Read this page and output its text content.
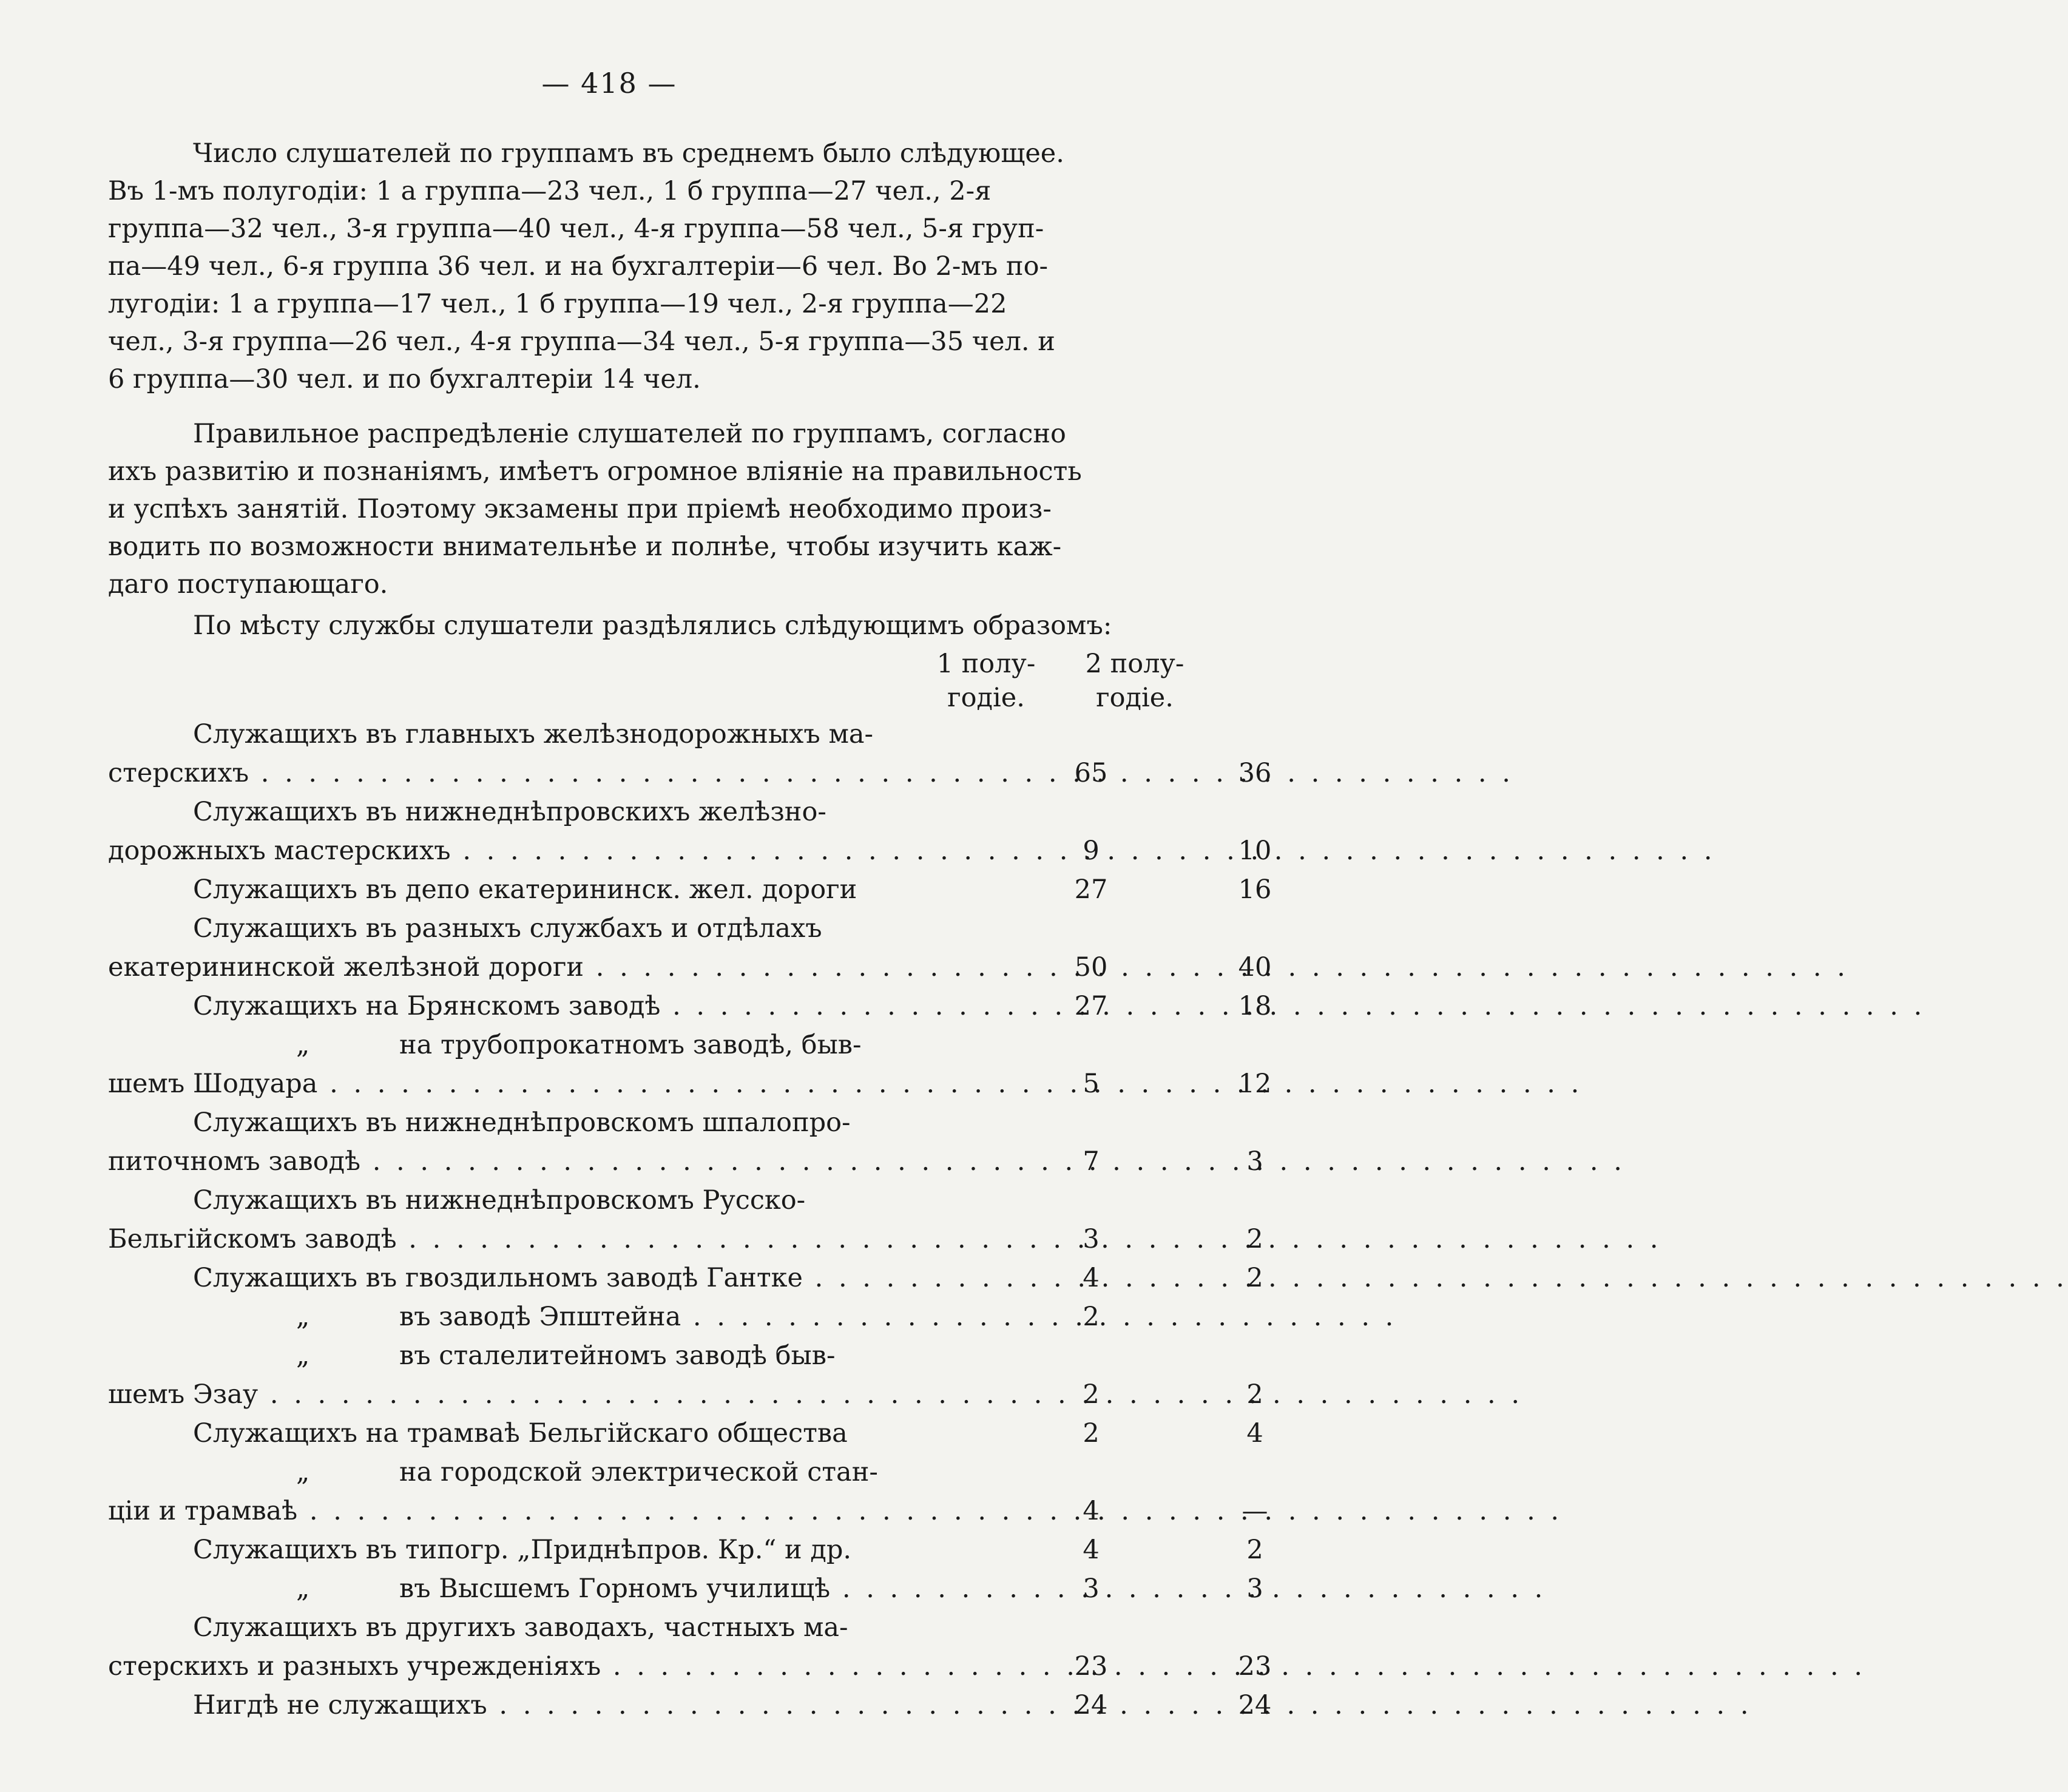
— 418 —
Число слушателей по группамъ въ среднемъ было слѣдующее.
Въ 1-мъ полугодіи: 1 а группа—23 чел., 1 б группа—27 чел., 2-я
группа—32 чел., 3-я группа—40 чел., 4-я группа—58 чел., 5-я груп-
па—49 чел., 6-я группа 36 чел. и на бухгалтеріи—6 чел. Во 2-мъ по-
лугодіи: 1 а группа—17 чел., 1 б группа—19 чел., 2-я группа—22
чел., 3-я группа—26 чел., 4-я группа—34 чел., 5-я группа—35 чел. и
6 группа—30 чел. и по бухгалтеріи 14 чел.
Правильное распредѣленіе слушателей по группамъ, согласно
ихъ развитію и познаніямъ, имѣетъ огромное вліяніе на правильность
и успѣхъ занятій. Поэтому экзамены при пріемѣ необходимо произ-
водить по возможности внимательнѣе и полнѣе, чтобы изучить каж-
даго поступающаго.
По мѣсту службы слушатели раздѣлялись слѣдующимъ образомъ:
1 полу-
годіе.
2 полу-
годіе.
Служащихъ въ главныхъ желѣзнодорожныхъ ма-
стерскихъ . . .	65	36
Служащихъ въ нижнеднѣпровскихъ желѣзно-
дорожныхъ мастерскихъ . . .	9	10
Служащихъ въ депо екатерининск. жел. дороги	27	16
Служащихъ въ разныхъ службахъ и отдѣлахъ
екатерининской желѣзной дороги . . .	50	40
Служащихъ на Брянскомъ заводѣ . . .	27	18
„	на трубопрокатномъ заводѣ, быв-
шемъ Шодуара . . .	5	12
Служащихъ въ нижнеднѣпровскомъ шпалопро-
питочномъ заводѣ . . .	7	3
Служащихъ въ нижнеднѣпровскомъ Русско-
Бельгійскомъ заводѣ . . .	3	2
Служащихъ въ гвоздильномъ заводѣ Гантке . . .	4	2
„	въ заводѣ Эпштейна . . .	2
„	въ сталелитейномъ заводѣ быв-
шемъ Эзау . . .	2	2
Служащихъ на трамваѣ Бельгійскаго общества	2	4
„	на городской электрической стан-
ціи и трамваѣ . . .	4	—
Служащихъ въ типогр. „Приднѣпров. Кр.“ и др.	4	2
„	въ Высшемъ Горномъ училищѣ . . .	3	3
Служащихъ въ другихъ заводахъ, частныхъ ма-
стерскихъ и разныхъ учрежденіяхъ . . .	23	23
Нигдѣ не служащихъ . . .	24	24
